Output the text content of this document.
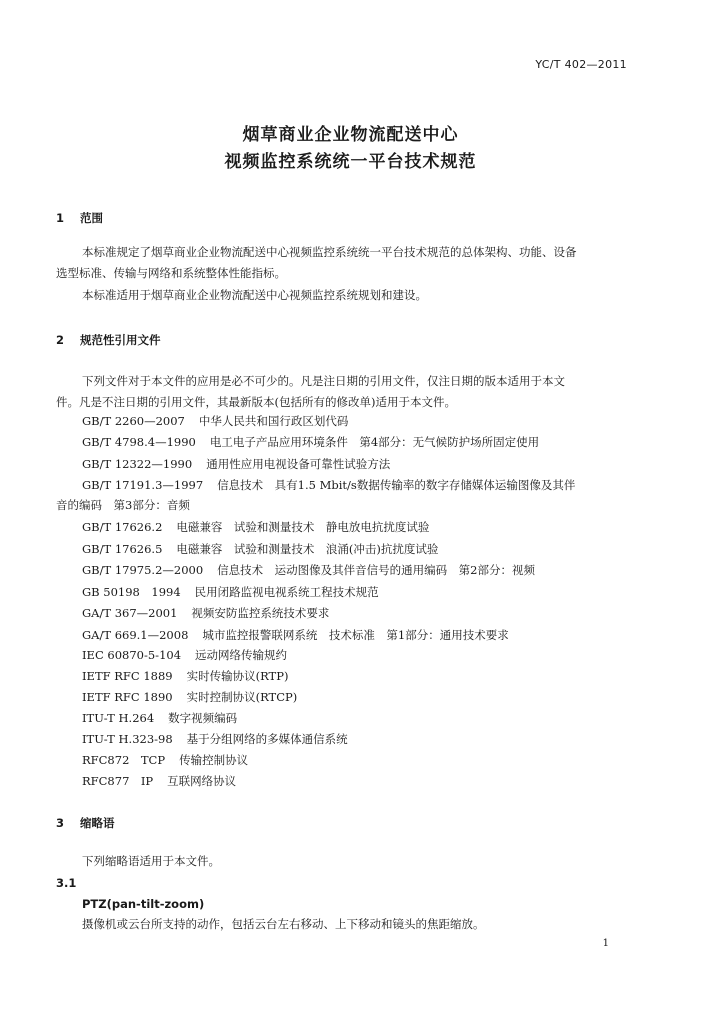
YC/T 402—2011
烟草商业企业物流配送中心
视频监控系统统一平台技术规范
1 范围
本标准规定了烟草商业企业物流配送中心视频监控系统统一平台技术规范的总体架构、功能、设备
选型标准、传输与网络和系统整体性能指标。
本标准适用于烟草商业企业物流配送中心视频监控系统规划和建设。
2 规范性引用文件
下列文件对于本文件的应用是必不可少的。凡是注日期的引用文件，仅注日期的版本适用于本文
件。凡是不注日期的引用文件，其最新版本(包括所有的修改单)适用于本文件。
GB/T 2260—2007 中华人民共和国行政区划代码
GB/T 4798.4—1990 电工电子产品应用环境条件　第4部分：无气候防护场所固定使用
GB/T 12322—1990 通用性应用电视设备可靠性试验方法
GB/T 17191.3—1997 信息技术　具有1.5 Mbit/s数据传输率的数字存储媒体运输图像及其伴
音的编码　第3部分：音频
GB/T 17626.2 电磁兼容　试验和测量技术　静电放电抗扰度试验
GB/T 17626.5 电磁兼容　试验和测量技术　浪涌(冲击)抗扰度试验
GB/T 17975.2—2000 信息技术　运动图像及其伴音信号的通用编码　第2部分：视频
GB 50198　1994 民用闭路监视电视系统工程技术规范
GA/T 367—2001 视频安防监控系统技术要求
GA/T 669.1—2008 城市监控报警联网系统　技术标准　第1部分：通用技术要求
IEC 60870-5-104 远动网络传输规约
IETF RFC 1889 实时传输协议(RTP)
IETF RFC 1890 实时控制协议(RTCP)
ITU-T H.264 数字视频编码
ITU-T H.323-98 基于分组网络的多媒体通信系统
RFC872　TCP 传输控制协议
RFC877　IP 互联网络协议
3 缩略语
下列缩略语适用于本文件。
3.1
PTZ(pan-tilt-zoom)
摄像机或云台所支持的动作，包括云台左右移动、上下移动和镜头的焦距缩放。
1
